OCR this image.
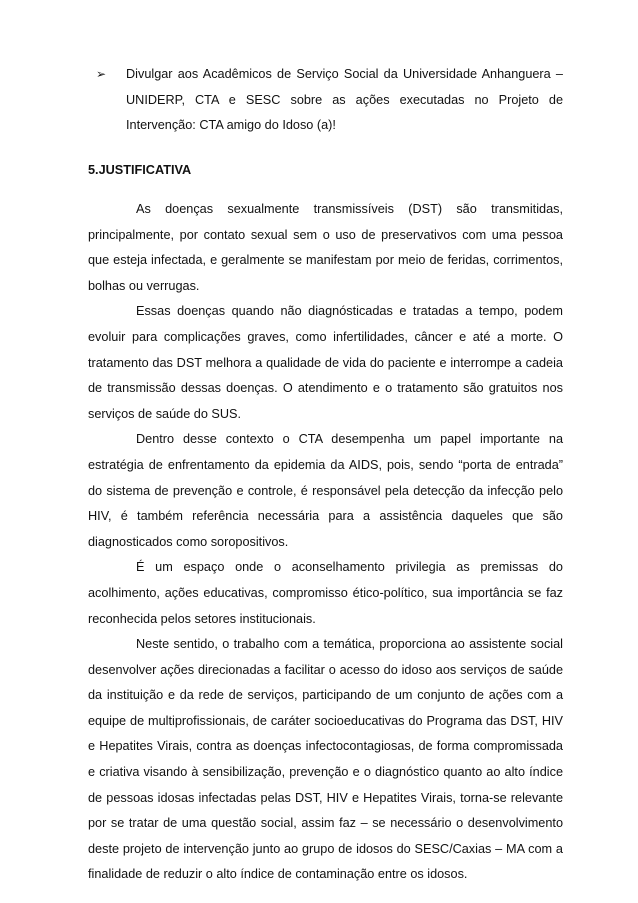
➢ Divulgar aos Acadêmicos de Serviço Social da Universidade Anhanguera – UNIDERP, CTA e SESC sobre as ações executadas no Projeto de Intervenção: CTA amigo do Idoso (a)!
5.JUSTIFICATIVA

As doenças sexualmente transmissíveis (DST) são transmitidas, principalmente, por contato sexual sem o uso de preservativos com uma pessoa que esteja infectada, e geralmente se manifestam por meio de feridas, corrimentos, bolhas ou verrugas.

Essas doenças quando não diagnósticadas e tratadas a tempo, podem evoluir para complicações graves, como infertilidades, câncer e até a morte. O tratamento das DST melhora a qualidade de vida do paciente e interrompe a cadeia de transmissão dessas doenças. O atendimento e o tratamento são gratuitos nos serviços de saúde do SUS.

Dentro desse contexto o CTA desempenha um papel importante na estratégia de enfrentamento da epidemia da AIDS, pois, sendo “porta de entrada” do sistema de prevenção e controle, é responsável pela detecção da infecção pelo HIV, é também referência necessária para a assistência daqueles que são diagnosticados como soropositivos.

É um espaço onde o aconselhamento privilegia as premissas do acolhimento, ações educativas, compromisso ético-político, sua importância se faz reconhecida pelos setores institucionais.

Neste sentido, o trabalho com a temática, proporciona ao assistente social desenvolver ações direcionadas a facilitar o acesso do idoso aos serviços de saúde da instituição e da rede de serviços, participando de um conjunto de ações com a equipe de multiprofissionais, de caráter socioeducativas do Programa das DST, HIV e Hepatites Virais, contra as doenças infectocontagiosas, de forma compromissada e criativa visando à sensibilização, prevenção e o diagnóstico quanto ao alto índice de pessoas idosas infectadas pelas DST, HIV e Hepatites Virais, torna-se relevante por se tratar de uma questão social, assim faz – se necessário o desenvolvimento deste projeto de intervenção junto ao grupo de idosos do SESC/Caxias – MA com a finalidade de reduzir o alto índice de contaminação entre os idosos.
